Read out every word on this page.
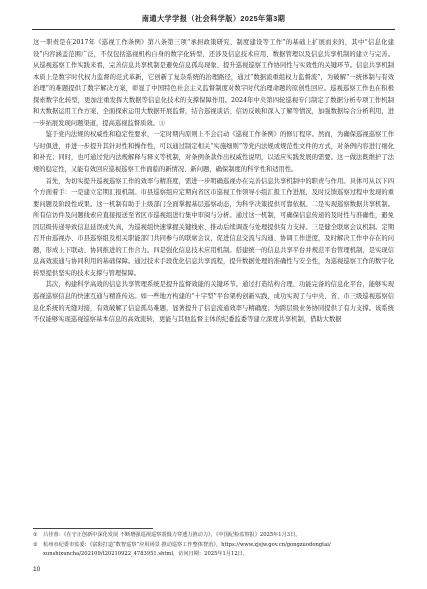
南通大学学报（社会科学版）2025年第3期

这一职责是在2017年《巡视工作条例》第八条第三项“承担政策研究、制度建设等工作”的基础上扩展而来的，其中“信息化建设”内容涵盖范围广泛，不仅包括巡视机构自身的数字化转型，还涉及信息技术应用、数据管理以及信息共享机制的建立与完善。从巡视巡察工作实践来看，完善信息共享机制是避免信息孤岛现象、提升巡视巡察工作协同性与实效性的关键环节。信息共享机制本质上是数字时代权力监督的范式革新，它创新了复杂系统的治理路径，通过“数据流重组权力监督流”，为破解“一统体制与有效治理”的难题提供了数字解决方案，彰显了中国特色社会主义监督制度对数字时代治理命题的原创性回应。巡视巡察工作也在积极探索数字化转型，更加注重发挥大数据等信息化技术的支撑保障作用。2024年中央第四轮巡视专门制定了数据分析专项工作机制和大数据运用工作方案，全面探索运用大数据开展监督，结合巡视谈话、信访反映和深入了解等情况，加强数据综合分析利用，进一步拓展发现问题渠道，提高巡视监督质效。①

鉴于党内法规的权威性和稳定性要求，一定时期内原则上不会启动《巡视工作条例》的修订程序。然而，为确保巡视巡察工作与时俱进，并进一步提升其针对性和操作性，可以通过制定相关“实施细则”等党内法规或规范性文件的方式，对条例内容进行细化和补充；同时，也可通过党内法规解释与释义等机制，对条例条款作出权威性说明，以适应实践发展的需要。这一做法既维护了法规的稳定性，又能有效回应巡视巡察工作面临的新情况、新问题，确保制度的科学性和适用性。

首先，为切实提升巡视巡察工作的效率与精准度，需进一步明确巡视办在完善信息共享机制中的职责与作用。具体可从以下四个方面着手：一是建立定期汇报机制。市县巡察组应定期向省区市巡视工作领导小组汇报工作进展，及时反馈巡察过程中发现的重要问题及阶段性成果。这一机制有助于上级部门全面掌握基层巡察动态，为科学决策提供可靠依据。二是实现巡察数据共享机制。所有信访件及问题线索应直接报送至省区市巡视组进行集中审阅与分析。通过这一机制，可确保信息传递的及时性与准确性，避免因层级传递导致信息延误或失真，为巡视组快速掌握关键线索、推动后续调查与处理提供有力支持。三是健全联席会议机制。定期召开由巡视办、市县巡察组及相关职能部门共同参与的联席会议，促进信息交流与沟通、协调工作进度，及时解决工作中存在的问题，形成上下联动、协同推进的工作合力。四是强化信息技术应用机制。搭建统一的信息共享平台并规范平台管理机制，是实现信息高效流通与协同利用的基础保障。通过技术手段优化信息共享流程，提升数据处理的准确性与安全性，为巡视巡察工作的数字化转型提供坚实的技术支撑与管理保障。

其次，构建科学高效的信息共享管理系统是提升监督效能的关键环节。通过打造结构合理、功能完备的信息化平台，能够实现巡视巡察信息的快速互通与精准传达。如一些地方构建的“十字型”平台架构创新实践，成功实现了与中央、省、市三级巡视巡察信息化系统的无缝对接，有效破解了信息孤岛难题，显著提升了信息流通效率与精确度；为跨层级业务协同提供了有力支撑。该系统不仅能够实现巡视巡察基本信息的高效流转，更能与其他监督主体的纪委监委等建立深度共享机制，借助大数据

① 吕佳蓉：《在守正创新中深化发展 不断增强巡视巡察震慑力穿透力推动力》，《中国纪检监察报》2025年1月3日。

② 杭州市纪委市监委：《富阳打造“数智巡察”应用场景 推动巡察工作整体智治》，https://www.zjsjw.gov.cn/gongzuodongtai/

xunshixuncha/202109/t20210922_4783951.shtml，访问日期：2025年1月12日。

10
